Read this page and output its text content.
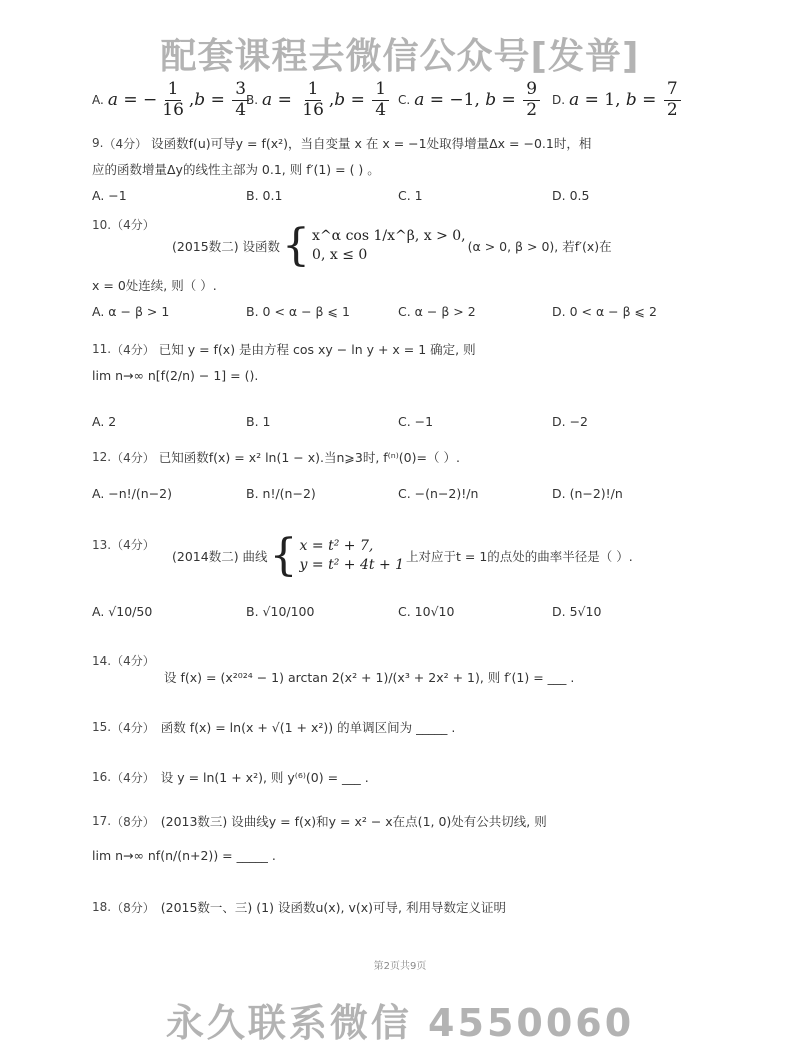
配套课程去微信公众号[发普]
A. a = − $\frac{1}{16}$ , $b = \frac{3}{4}$
B. $a = \frac{1}{16}$ , $b = \frac{1}{4} C$. a = −1, $b = \frac{9}{2} D$. a = 1, $b = \frac{7}{2}$
9. （4分） 设函数f(u)可导y = f(x²)，当自变量 x 在 x = −1处取得增量Δx = −0.1时，相
应的函数增量Δy的线性主部为 0.1, 则 f′(1) = ( ) 。
A. −1	B. 0.1	C. 1	D. 0.5
10. （4分）
(2015数二) 设函数 { x^α cos 1/x^β, x > 0,
0, x ≤ 0
(α > 0, β > 0), 若f′(x)在
x = 0处连续, 则（ ）.
A. α − β > 1	B. 0 < α − β ⩽ 1	C. α − β > 2	D. 0 < α − β ⩽ 2
11. （4分） 已知 y = f(x) 是由方程 cos xy − ln y + x = 1 确定, 则
lim n→∞ n[f(2/n) − 1] = ().
A. 2	B. 1	C. −1	D. −2
12. （4分） 已知函数f(x) = x² ln(1 − x).当n⩾3时, f⁽ⁿ⁾(0)=（ ）.
A. −n!/(n−2)	B. n!/(n−2)	C. −(n−2)!/n	D. (n−2)!/n
13. （4分）
(2014数二) 曲线 { x = t² + 7,
y = t² + 4t + 1
上对应于t = 1的点处的曲率半径是（ ）.
A. √10/50	B. √10/100	C. 10√10	D. 5√10
14. （4分）
设 f(x) = (x²⁰²⁴ − 1) arctan 2(x² + 1)/(x³ + 2x² + 1), 则 f′(1) = ___ .
15. （4分） 函数 f(x) = ln(x + √(1 + x²)) 的单调区间为 _____ .
16. （4分） 设 y = ln(1 + x²), 则 y⁽⁶⁾(0) = ___ .
17. （8分） (2013数三) 设曲线y = f(x)和y = x² − x在点(1, 0)处有公共切线, 则
lim n→∞ nf(n/(n+2)) = _____ .
18. （8分） (2015数一、三) (1) 设函数u(x), v(x)可导, 利用导数定义证明
第2页共9页
永久联系微信 4550060
